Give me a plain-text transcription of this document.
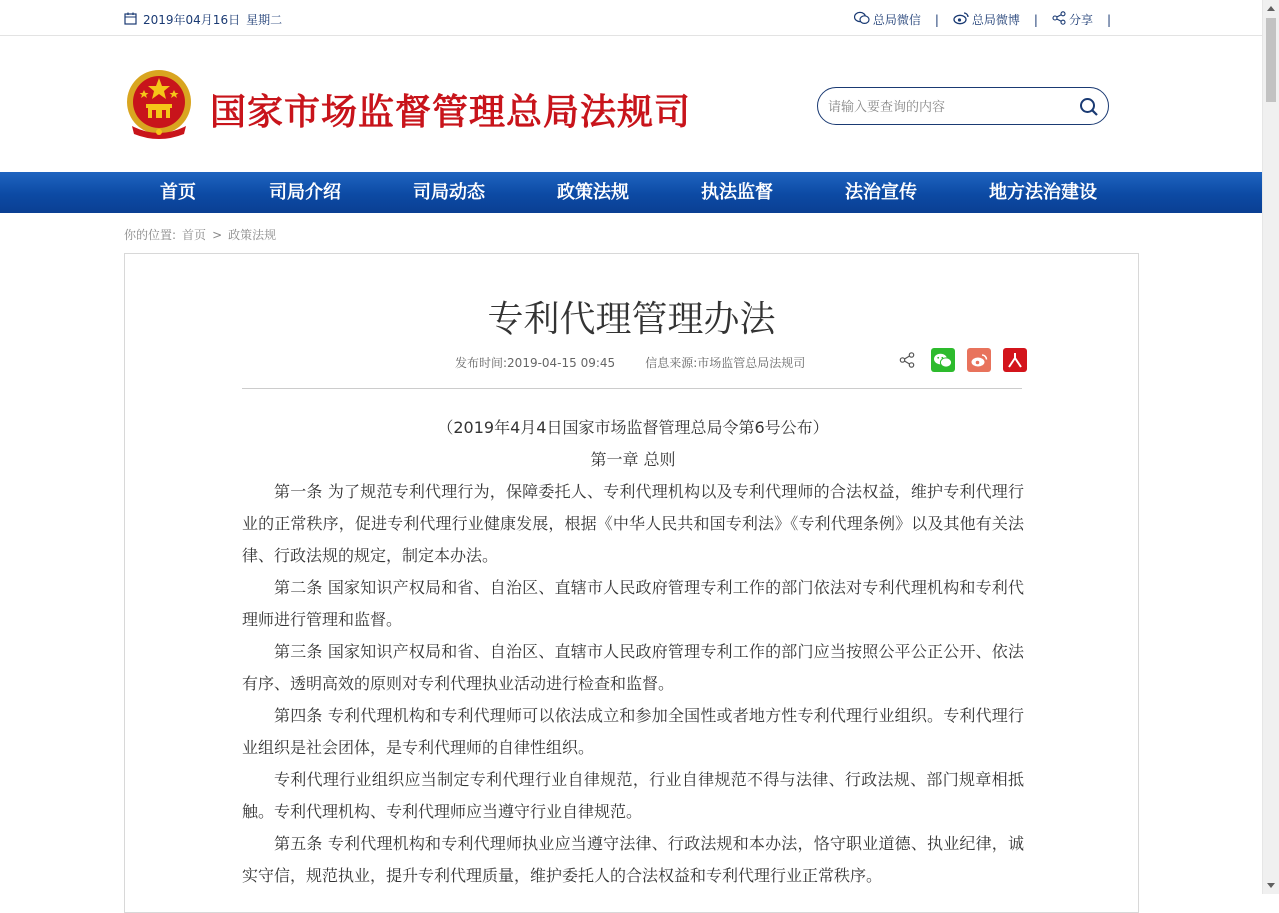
2019年04月16日 星期二	总局微信 |	总局微博 |	分享 |
国家市场监督管理总局法规司
请输入要查询的内容
首页	司局介绍	司局动态	政策法规	执法监督	法治宣传	地方法治建设
你的位置: 首页 > 政策法规
专利代理管理办法
发布时间:2019-04-15 09:45	信息来源:市场监管总局法规司

（2019年4月4日国家市场监督管理总局令第6号公布）

第一章 总则

第一条 为了规范专利代理行为，保障委托人、专利代理机构以及专利代理师的合法权益，维护专利代理行业的正常秩序，促进专利代理行业健康发展，根据《中华人民共和国专利法》《专利代理条例》以及其他有关法律、行政法规的规定，制定本办法。

第二条 国家知识产权局和省、自治区、直辖市人民政府管理专利工作的部门依法对专利代理机构和专利代理师进行管理和监督。

第三条 国家知识产权局和省、自治区、直辖市人民政府管理专利工作的部门应当按照公平公正公开、依法有序、透明高效的原则对专利代理执业活动进行检查和监督。

第四条 专利代理机构和专利代理师可以依法成立和参加全国性或者地方性专利代理行业组织。专利代理行业组织是社会团体，是专利代理师的自律性组织。

专利代理行业组织应当制定专利代理行业自律规范，行业自律规范不得与法律、行政法规、部门规章相抵触。专利代理机构、专利代理师应当遵守行业自律规范。

第五条 专利代理机构和专利代理师执业应当遵守法律、行政法规和本办法，恪守职业道德、执业纪律，诚实守信，规范执业，提升专利代理质量，维护委托人的合法权益和专利代理行业正常秩序。
